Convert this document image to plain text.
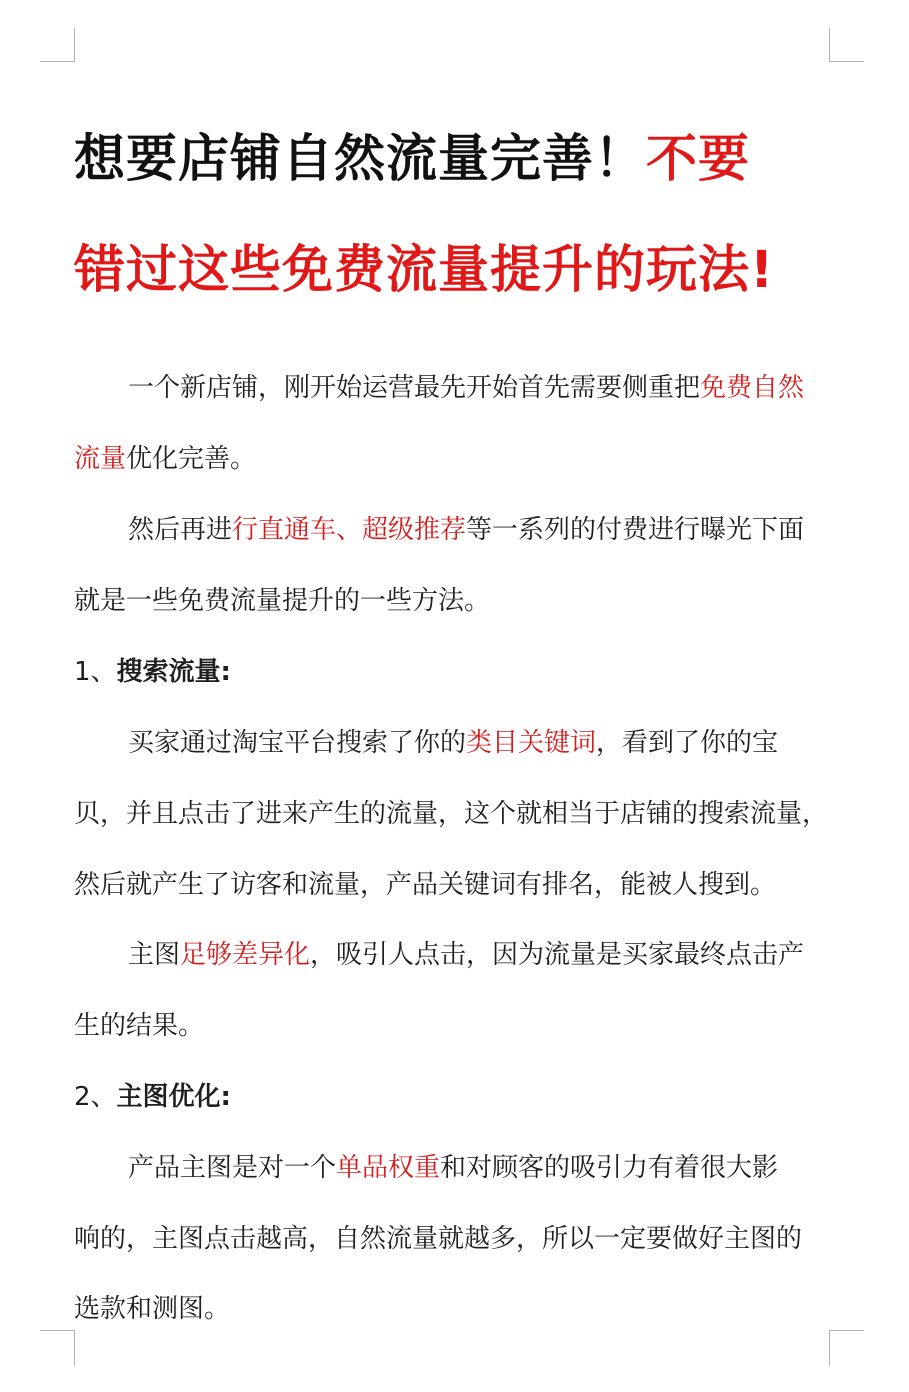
想要店铺自然流量完善！不要
错过这些免费流量提升的玩法!
一个新店铺，刚开始运营最先开始首先需要侧重把免费自然
流量优化完善。
然后再进行直通车、超级推荐等一系列的付费进行曝光下面
就是一些免费流量提升的一些方法。
1、搜索流量:
买家通过淘宝平台搜索了你的类目关键词，看到了你的宝
贝，并且点击了进来产生的流量，这个就相当于店铺的搜索流量，
然后就产生了访客和流量，产品关键词有排名，能被人搜到。
主图足够差异化，吸引人点击，因为流量是买家最终点击产
生的结果。
2、主图优化:
产品主图是对一个单品权重和对顾客的吸引力有着很大影
响的，主图点击越高，自然流量就越多，所以一定要做好主图的
选款和测图。
